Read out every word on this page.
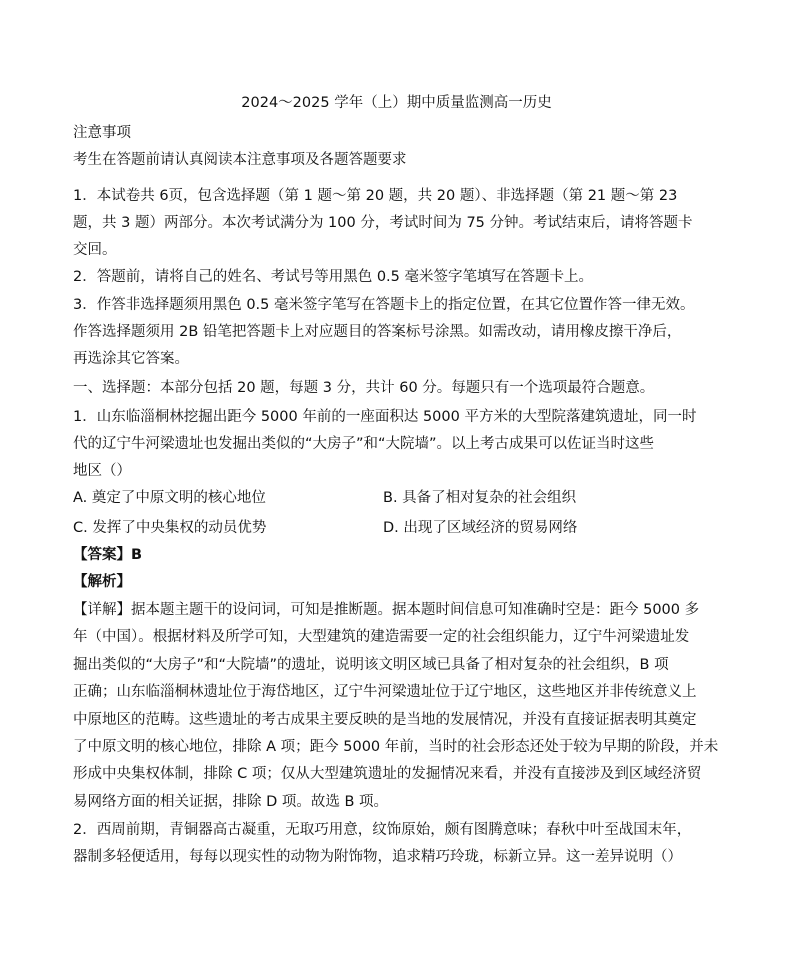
2024～2025 学年（上）期中质量监测高一历史
注意事项
考生在答题前请认真阅读本注意事项及各题答题要求
1．本试卷共 6页，包含选择题（第 1 题～第 20 题，共 20 题）、非选择题（第 21 题～第 23
题，共 3 题）两部分。本次考试满分为 100 分，考试时间为 75 分钟。考试结束后，请将答题卡
交回。
2．答题前，请将自己的姓名、考试号等用黑色 0.5 毫米签字笔填写在答题卡上。
3．作答非选择题须用黑色 0.5 毫米签字笔写在答题卡上的指定位置，在其它位置作答一律无效。
作答选择题须用 2B 铅笔把答题卡上对应题目的答案标号涂黑。如需改动，请用橡皮擦干净后，
再选涂其它答案。
一、选择题：本部分包括 20 题，每题 3 分，共计 60 分。每题只有一个选项最符合题意。
1．山东临淄桐林挖掘出距今 5000 年前的一座面积达 5000 平方米的大型院落建筑遗址，同一时
代的辽宁牛河梁遗址也发掘出类似的“大房子”和“大院墙”。以上考古成果可以佐证当时这些
地区（）
A. 奠定了中原文明的核心地位	B. 具备了相对复杂的社会组织
C. 发挥了中央集权的动员优势	D. 出现了区域经济的贸易网络
【答案】B
【解析】
【详解】据本题主题干的设问词，可知是推断题。据本题时间信息可知准确时空是：距今 5000 多
年（中国）。根据材料及所学可知，大型建筑的建造需要一定的社会组织能力，辽宁牛河梁遗址发
掘出类似的“大房子”和“大院墙”的遗址，说明该文明区域已具备了相对复杂的社会组织，B 项
正确；山东临淄桐林遗址位于海岱地区，辽宁牛河梁遗址位于辽宁地区，这些地区并非传统意义上
中原地区的范畴。这些遗址的考古成果主要反映的是当地的发展情况，并没有直接证据表明其奠定
了中原文明的核心地位，排除 A 项；距今 5000 年前，当时的社会形态还处于较为早期的阶段，并未
形成中央集权体制，排除 C 项；仅从大型建筑遗址的发掘情况来看，并没有直接涉及到区域经济贸
易网络方面的相关证据，排除 D 项。故选 B 项。
2．西周前期，青铜器高古凝重，无取巧用意，纹饰原始，颇有图腾意味；春秋中叶至战国末年，
器制多轻便适用，每每以现实性的动物为附饰物，追求精巧玲珑，标新立异。这一差异说明（）
